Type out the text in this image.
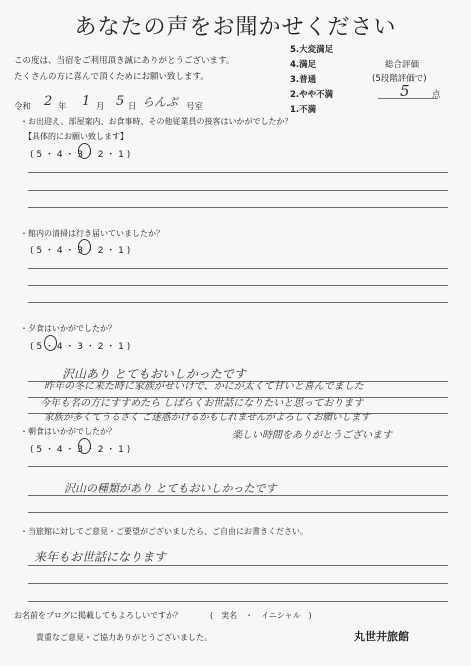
あなたの声をお聞かせください
この度は、当宿をご利用頂き誠にありがとうございます。
たくさんの方に喜んで頂くためにお願い致します。
5.大変満足
4.満足
3.普通
2.やや不満
1.不満
総合評価
(5段階評価で)
5	点
令和 2 年 1 月 5 日 らんぷ 号室
・お出迎え、部屋案内、お食事時、その他従業員の接客はいかがでしたか？
【具体的にお願い致します】
( 5 ・ 4 ・ 3 ・ 2 ・ 1 )
・館内の清掃は行き届いていましたか？
( 5 ・ 4 ・ 3 ・ 2 ・ 1 )
・夕食はいかがでしたか？
( 5 ・ 4 ・ 3 ・ 2 ・ 1 )
沢山あり とてもおいしかったです
昨年の冬に来た時に家族がせいけで、かにが太くて甘いと喜んでました
今年も名の方にすすめたら しばらくお世話になりたいと思っております
家族が多くてうるさく ご迷惑かけるかもしれませんがよろしくお願いします
楽しい時間をありがとうございます
・朝食はいかがでしたか？
( 5 ・ 4 ・ 3 ・ 2 ・ 1 )
沢山の種類があり とてもおいしかったです
・当旅館に対してご意見・ご要望がございましたら、ご自由にお書きください。
来年もお世話になります
お名前をブログに掲載してもよろしいですか？	(　実名　・　イニシャル　)
貴重なご意見・ご協力ありがとうございました。	丸世井旅館
